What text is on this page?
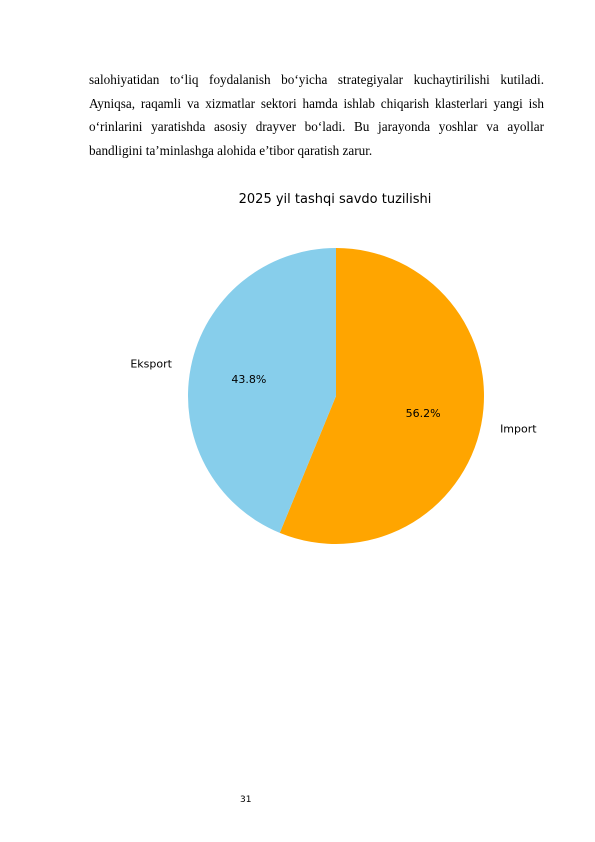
salohiyatidan to‘liq foydalanish bo‘yicha strategiyalar kuchaytirilishi kutiladi. Ayniqsa, raqamli va xizmatlar sektori hamda ishlab chiqarish klasterlari yangi ish o‘rinlarini yaratishda asosiy drayver bo‘ladi. Bu jarayonda yoshlar va ayollar bandligini ta’minlashga alohida e’tibor qaratish zarur.

2025 yil tashqi savdo tuzilishi
56.2%
Import
43.8%
Eksport
31
